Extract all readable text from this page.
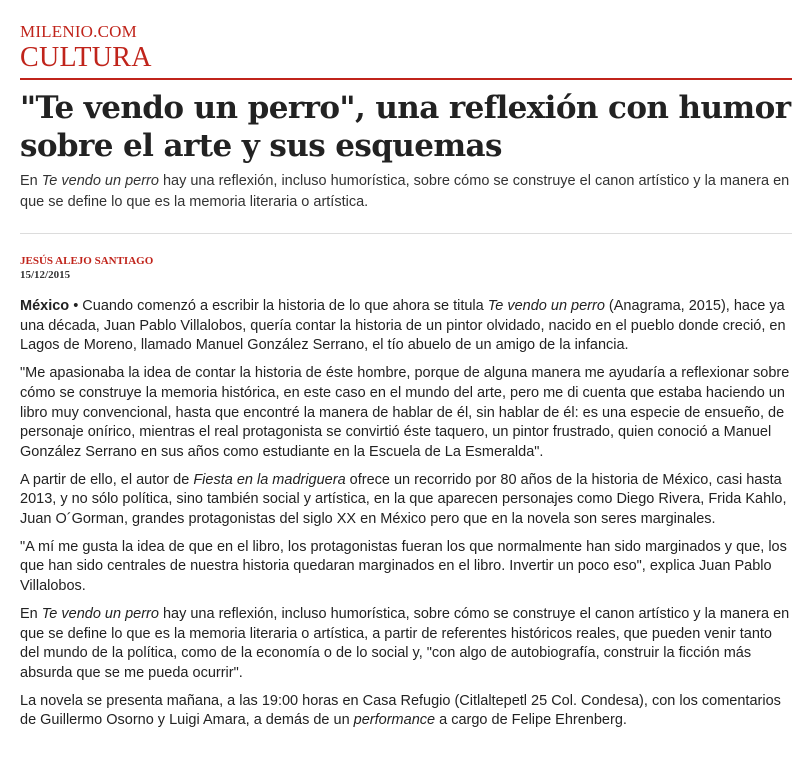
MILENIO.COM
CULTURA
"Te vendo un perro", una reflexión con humor sobre el arte y sus esquemas

En Te vendo un perro hay una reflexión, incluso humorística, sobre cómo se construye el canon artístico y la manera en que se define lo que es la memoria literaria o artística.

JESÚS ALEJO SANTIAGO
15/12/2015

México • Cuando comenzó a escribir la historia de lo que ahora se titula Te vendo un perro (Anagrama, 2015), hace ya una década, Juan Pablo Villalobos, quería contar la historia de un pintor olvidado, nacido en el pueblo donde creció, en Lagos de Moreno, llamado Manuel González Serrano, el tío abuelo de un amigo de la infancia.

"Me apasionaba la idea de contar la historia de éste hombre, porque de alguna manera me ayudaría a reflexionar sobre cómo se construye la memoria histórica, en este caso en el mundo del arte, pero me di cuenta que estaba haciendo un libro muy convencional, hasta que encontré la manera de hablar de él, sin hablar de él: es una especie de ensueño, de personaje onírico, mientras el real protagonista se convirtió éste taquero, un pintor frustrado, quien conoció a Manuel González Serrano en sus años como estudiante en la Escuela de La Esmeralda".

A partir de ello, el autor de Fiesta en la madriguera ofrece un recorrido por 80 años de la historia de México, casi hasta 2013, y no sólo política, sino también social y artística, en la que aparecen personajes como Diego Rivera, Frida Kahlo, Juan O´Gorman, grandes protagonistas del siglo XX en México pero que en la novela son seres marginales.

"A mí me gusta la idea de que en el libro, los protagonistas fueran los que normalmente han sido marginados y que, los que han sido centrales de nuestra historia quedaran marginados en el libro. Invertir un poco eso", explica Juan Pablo Villalobos.

En Te vendo un perro hay una reflexión, incluso humorística, sobre cómo se construye el canon artístico y la manera en que se define lo que es la memoria literaria o artística, a partir de referentes históricos reales, que pueden venir tanto del mundo de la política, como de la economía o de lo social y, "con algo de autobiografía, construir la ficción más absurda que se me pueda ocurrir".

La novela se presenta mañana, a las 19:00 horas en Casa Refugio (Citlaltepetl 25 Col. Condesa), con los comentarios de Guillermo Osorno y Luigi Amara, a demás de un performance a cargo de Felipe Ehrenberg.
